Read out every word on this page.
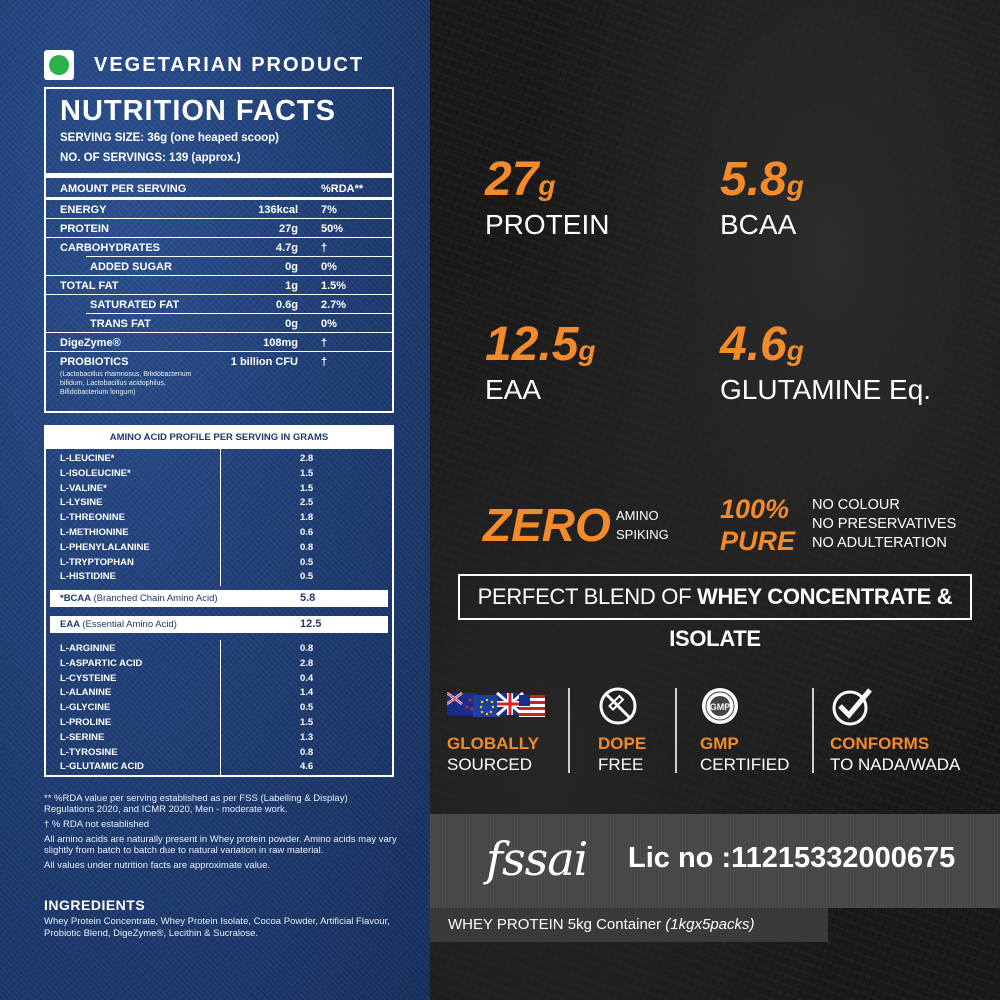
VEGETARIAN PRODUCT
NUTRITION FACTS
SERVING SIZE: 36g (one heaped scoop)
NO. OF SERVINGS: 139 (approx.)
AMOUNT PER SERVING	%RDA**
ENERGY	136kcal 7%
PROTEIN	27g 50%
CARBOHYDRATES	4.7g †
ADDED SUGAR	0g 0%
TOTAL FAT	1g 1.5%
SATURATED FAT	0.6g 2.7%
TRANS FAT	0g 0%
DigeZyme®	108mg †
PROBIOTICS	1 billion CFU †
(Lactobacillus rhamnosus, Bifidobacterium bifidum, Lactobacillus acidophilus, Bifidobacterium longum)
AMINO ACID PROFILE PER SERVING IN GRAMS
L-LEUCINE*	2.8
L-ISOLEUCINE*	1.5
L-VALINE*	1.5
L-LYSINE	2.5
L-THREONINE	1.8
L-METHIONINE	0.6
L-PHENYLALANINE	0.8
L-TRYPTOPHAN	0.5
L-HISTIDINE	0.5
*BCAA (Branched Chain Amino Acid)	5.8
EAA (Essential Amino Acid)	12.5
L-ARGININE	0.8
L-ASPARTIC ACID	2.8
L-CYSTEINE	0.4
L-ALANINE	1.4
L-GLYCINE	0.5
L-PROLINE	1.5
L-SERINE	1.3
L-TYROSINE	0.8
L-GLUTAMIC ACID	4.6

** %RDA value per serving established as per FSS (Labelling & Display) Regulations 2020, and ICMR 2020, Men - moderate work.

† % RDA not established

All amino acids are naturally present in Whey protein powder. Amino acids may vary slightly from batch to batch due to natural variation in raw material.

All values under nutrition facts are approximate value.

INGREDIENTS
Whey Protein Concentrate, Whey Protein Isolate, Cocoa Powder, Artificial Flavour, Probiotic Blend, DigeZyme®, Lecithin & Sucralose.
27g
PROTEIN
5.8g
BCAA
12.5g
EAA
4.6g
GLUTAMINE Eq.
ZERO AMINO
SPIKING
100%
PURE
NO COLOUR
NO PRESERVATIVES
NO ADULTERATION
PERFECT BLEND OF WHEY CONCENTRATE & ISOLATE
GLOBALLY
SOURCED
DOPE
FREE
GMP
GMP
CERTIFIED
CONFORMS
TO NADA/WADA
fssai Lic no :11215332000675
WHEY PROTEIN 5kg Container (1kgx5packs)
